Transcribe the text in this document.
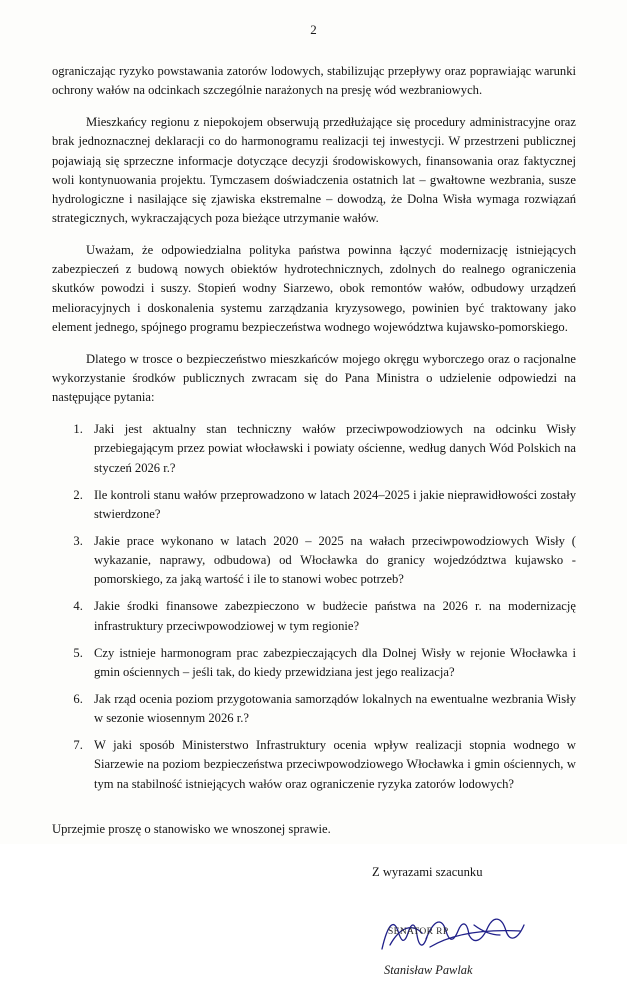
2

ograniczając ryzyko powstawania zatorów lodowych, stabilizując przepływy oraz poprawiając warunki ochrony wałów na odcinkach szczególnie narażonych na presję wód wezbraniowych.

Mieszkańcy regionu z niepokojem obserwują przedłużające się procedury administracyjne oraz brak jednoznacznej deklaracji co do harmonogramu realizacji tej inwestycji. W przestrzeni publicznej pojawiają się sprzeczne informacje dotyczące decyzji środowiskowych, finansowania oraz faktycznej woli kontynuowania projektu. Tymczasem doświadczenia ostatnich lat – gwałtowne wezbrania, susze hydrologiczne i nasilające się zjawiska ekstremalne – dowodzą, że Dolna Wisła wymaga rozwiązań strategicznych, wykraczających poza bieżące utrzymanie wałów.

Uważam, że odpowiedzialna polityka państwa powinna łączyć modernizację istniejących zabezpieczeń z budową nowych obiektów hydrotechnicznych, zdolnych do realnego ograniczenia skutków powodzi i suszy. Stopień wodny Siarzewo, obok remontów wałów, odbudowy urządzeń melioracyjnych i doskonalenia systemu zarządzania kryzysowego, powinien być traktowany jako element jednego, spójnego programu bezpieczeństwa wodnego województwa kujawsko-pomorskiego.

Dlatego w trosce o bezpieczeństwo mieszkańców mojego okręgu wyborczego oraz o racjonalne wykorzystanie środków publicznych zwracam się do Pana Ministra o udzielenie odpowiedzi na następujące pytania:

1. Jaki jest aktualny stan techniczny wałów przeciwpowodziowych na odcinku Wisły przebiegającym przez powiat włocławski i powiaty ościenne, według danych Wód Polskich na styczeń 2026 r.?
2. Ile kontroli stanu wałów przeprowadzono w latach 2024–2025 i jakie nieprawidłowości zostały stwierdzone?
3. Jakie prace wykonano w latach 2020 – 2025 na wałach przeciwpowodziowych Wisły ( wykazanie, naprawy, odbudowa) od Włocławka do granicy wojedzództwa kujawsko - pomorskiego, za jaką wartość i ile to stanowi wobec potrzeb?
4. Jakie środki finansowe zabezpieczono w budżecie państwa na 2026 r. na modernizację infrastruktury przeciwpowodziowej w tym regionie?
5. Czy istnieje harmonogram prac zabezpieczających dla Dolnej Wisły w rejonie Włocławka i gmin ościennych – jeśli tak, do kiedy przewidziana jest jego realizacja?
6. Jak rząd ocenia poziom przygotowania samorządów lokalnych na ewentualne wezbrania Wisły w sezonie wiosennym 2026 r.?
7. W jaki sposób Ministerstwo Infrastruktury ocenia wpływ realizacji stopnia wodnego w Siarzewie na poziom bezpieczeństwa przeciwpowodziowego Włocławka i gmin ościennych, w tym na stabilność istniejących wałów oraz ograniczenie ryzyka zatorów lodowych?
Uprzejmie proszę o stanowisko we wnoszonej sprawie.
Z wyrazami szacunku
SENATOR RP
Stanisław Pawlak
